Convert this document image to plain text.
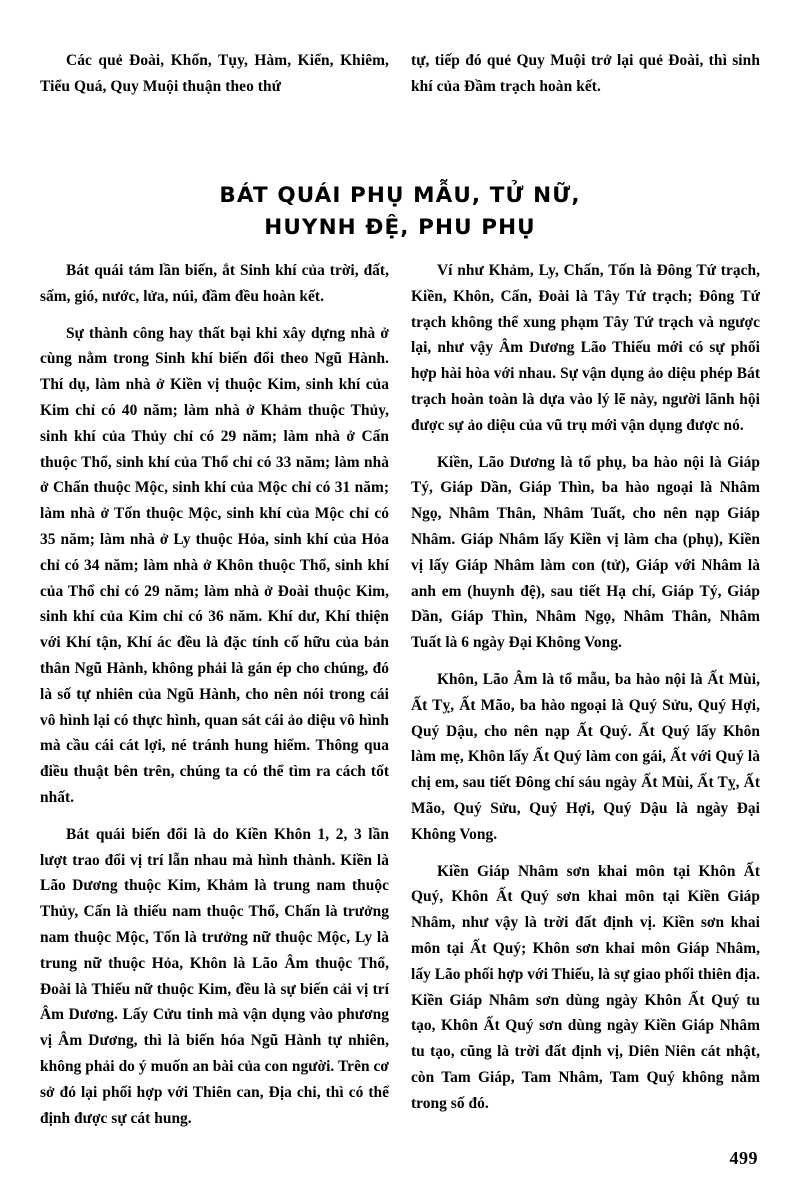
Các quẻ Đoài, Khốn, Tụy, Hàm, Kiển, Khiêm, Tiểu Quá, Quy Muội thuận theo thứ

tự, tiếp đó quẻ Quy Muội trở lại quẻ Đoài, thì sinh khí của Đầm trạch hoàn kết.

BÁT QUÁI PHỤ MẪU, TỬ NỮ,
HUYNH ĐỆ, PHU PHỤ

Bát quái tám lần biến, ắt Sinh khí của trời, đất, sấm, gió, nước, lửa, núi, đầm đều hoàn kết.

Sự thành công hay thất bại khi xây dựng nhà ở cùng nằm trong Sinh khí biến đổi theo Ngũ Hành. Thí dụ, làm nhà ở Kiền vị thuộc Kim, sinh khí của Kim chỉ có 40 năm; làm nhà ở Khảm thuộc Thủy, sinh khí của Thủy chỉ có 29 năm; làm nhà ở Cấn thuộc Thổ, sinh khí của Thổ chỉ có 33 năm; làm nhà ở Chấn thuộc Mộc, sinh khí của Mộc chỉ có 31 năm; làm nhà ở Tốn thuộc Mộc, sinh khí của Mộc chỉ có 35 năm; làm nhà ở Ly thuộc Hỏa, sinh khí của Hỏa chỉ có 34 năm; làm nhà ở Khôn thuộc Thổ, sinh khí của Thổ chỉ có 29 năm; làm nhà ở Đoài thuộc Kim, sinh khí của Kim chỉ có 36 năm. Khí dư, Khí thiện với Khí tận, Khí ác đều là đặc tính cố hữu của bản thân Ngũ Hành, không phải là gán ép cho chúng, đó là số tự nhiên của Ngũ Hành, cho nên nói trong cái vô hình lại có thực hình, quan sát cái ảo diệu vô hình mà cầu cái cát lợi, né tránh hung hiểm. Thông qua điều thuật bên trên, chúng ta có thể tìm ra cách tốt nhất.

Bát quái biến đổi là do Kiền Khôn 1, 2, 3 lần lượt trao đổi vị trí lẫn nhau mà hình thành. Kiền là Lão Dương thuộc Kim, Khảm là trung nam thuộc Thủy, Cấn là thiếu nam thuộc Thổ, Chấn là trưởng nam thuộc Mộc, Tốn là trưởng nữ thuộc Mộc, Ly là trung nữ thuộc Hỏa, Khôn là Lão Âm thuộc Thổ, Đoài là Thiếu nữ thuộc Kim, đều là sự biến cải vị trí Âm Dương. Lấy Cửu tinh mà vận dụng vào phương vị Âm Dương, thì là biến hóa Ngũ Hành tự nhiên, không phải do ý muốn an bài của con người. Trên cơ sở đó lại phối hợp với Thiên can, Địa chi, thì có thể định được sự cát hung.

Ví như Khảm, Ly, Chấn, Tốn là Đông Tứ trạch, Kiền, Khôn, Cấn, Đoài là Tây Tứ trạch; Đông Tứ trạch không thể xung phạm Tây Tứ trạch và ngược lại, như vậy Âm Dương Lão Thiếu mới có sự phối hợp hài hòa với nhau. Sự vận dụng ảo diệu phép Bát trạch hoàn toàn là dựa vào lý lẽ này, người lãnh hội được sự ảo diệu của vũ trụ mới vận dụng được nó.

Kiền, Lão Dương là tổ phụ, ba hào nội là Giáp Tý, Giáp Dần, Giáp Thìn, ba hào ngoại là Nhâm Ngọ, Nhâm Thân, Nhâm Tuất, cho nên nạp Giáp Nhâm. Giáp Nhâm lấy Kiền vị làm cha (phụ), Kiền vị lấy Giáp Nhâm làm con (tử), Giáp với Nhâm là anh em (huynh đệ), sau tiết Hạ chí, Giáp Tý, Giáp Dần, Giáp Thìn, Nhâm Ngọ, Nhâm Thân, Nhâm Tuất là 6 ngày Đại Không Vong.

Khôn, Lão Âm là tổ mẫu, ba hào nội là Ất Mùi, Ất Tỵ, Ất Mão, ba hào ngoại là Quý Sửu, Quý Hợi, Quý Dậu, cho nên nạp Ất Quý. Ất Quý lấy Khôn làm mẹ, Khôn lấy Ất Quý làm con gái, Ất với Quý là chị em, sau tiết Đông chí sáu ngày Ất Mùi, Ất Tỵ, Ất Mão, Quý Sửu, Quý Hợi, Quý Dậu là ngày Đại Không Vong.

Kiền Giáp Nhâm sơn khai môn tại Khôn Ất Quý, Khôn Ất Quý sơn khai môn tại Kiền Giáp Nhâm, như vậy là trời đất định vị. Kiền sơn khai môn tại Ất Quý; Khôn sơn khai môn Giáp Nhâm, lấy Lão phối hợp với Thiếu, là sự giao phối thiên địa. Kiền Giáp Nhâm sơn dùng ngày Khôn Ất Quý tu tạo, Khôn Ất Quý sơn dùng ngày Kiền Giáp Nhâm tu tạo, cũng là trời đất định vị, Diên Niên cát nhật, còn Tam Giáp, Tam Nhâm, Tam Quý không nằm trong số đó.

499
